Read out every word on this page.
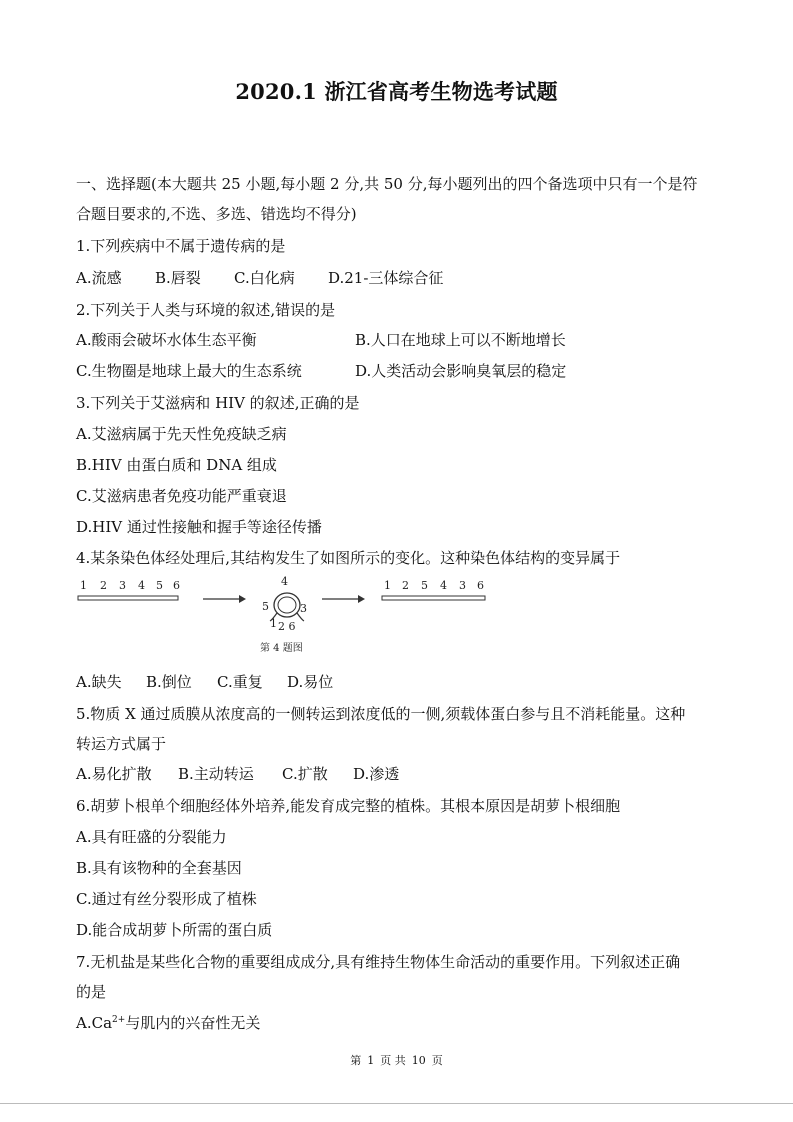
2020.1 浙江省高考生物选考试题
一、选择题(本大题共 25 小题,每小题 2 分,共 50 分,每小题列出的四个备选项中只有一个是符
合题目要求的,不选、多选、错选均不得分)
1.下列疾病中不属于遗传病的是
A.流感 B.唇裂 C.白化病 D.21-三体综合征
2.下列关于人类与环境的叙述,错误的是
A.酸雨会破坏水体生态平衡	B.人口在地球上可以不断地增长
C.生物圈是地球上最大的生态系统	D.人类活动会影响臭氧层的稳定
3.下列关于艾滋病和 HIV 的叙述,正确的是
A.艾滋病属于先天性免疫缺乏病
B.HIV 由蛋白质和 DNA 组成
C.艾滋病患者免疫功能严重衰退
D.HIV 通过性接触和握手等途径传播
4.某条染色体经处理后,其结构发生了如图所示的变化。这种染色体结构的变异属于
1 2 3 4 5 6	4
5	3
2 6
1
第 4 题图
1 2 5 4 3 6
A.缺失 B.倒位 C.重复 D.易位
5.物质 X 通过质膜从浓度高的一侧转运到浓度低的一侧,须载体蛋白参与且不消耗能量。这种
转运方式属于
A.易化扩散 B.主动转运 C.扩散 D.渗透
6.胡萝卜根单个细胞经体外培养,能发育成完整的植株。其根本原因是胡萝卜根细胞
A.具有旺盛的分裂能力
B.具有该物种的全套基因
C.通过有丝分裂形成了植株
D.能合成胡萝卜所需的蛋白质
7.无机盐是某些化合物的重要组成成分,具有维持生物体生命活动的重要作用。下列叙述正确
的是
$A.Ca^{2+}$与肌内的兴奋性无关
第 1 页 共 10 页
